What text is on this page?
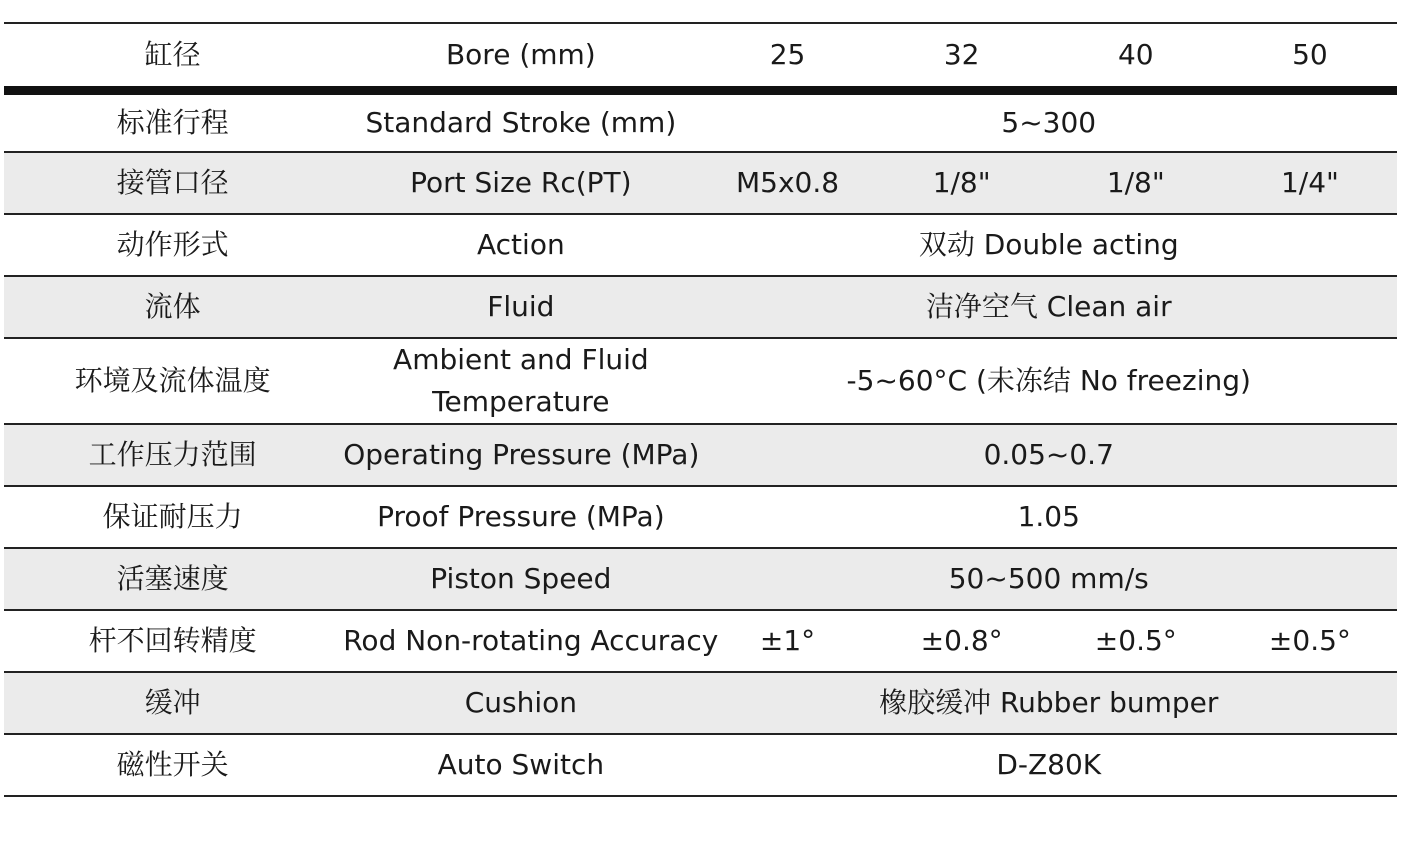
缸径	Bore (mm)	25	32	40	50
标准行程	Standard Stroke (mm)	5~300			
接管口径	Port Size Rc(PT)	M5x0.8	1/8"	1/8"	1/4"
动作形式	Action	双动 Double acting			
流体	Fluid	洁净空气 Clean air			
环境及流体温度	Ambient and Fluid Temperature	-5~60°C (未冻结 No freezing)			
工作压力范围	Operating Pressure (MPa)	0.05~0.7			
保证耐压力	Proof Pressure (MPa)	1.05			
活塞速度	Piston Speed	50~500 mm/s			
杆不回转精度	Rod Non-rotating Accuracy	±1°	±0.8°	±0.5°	±0.5°
缓冲	Cushion	橡胶缓冲 Rubber bumper			
磁性开关	Auto Switch	D-Z80K			
